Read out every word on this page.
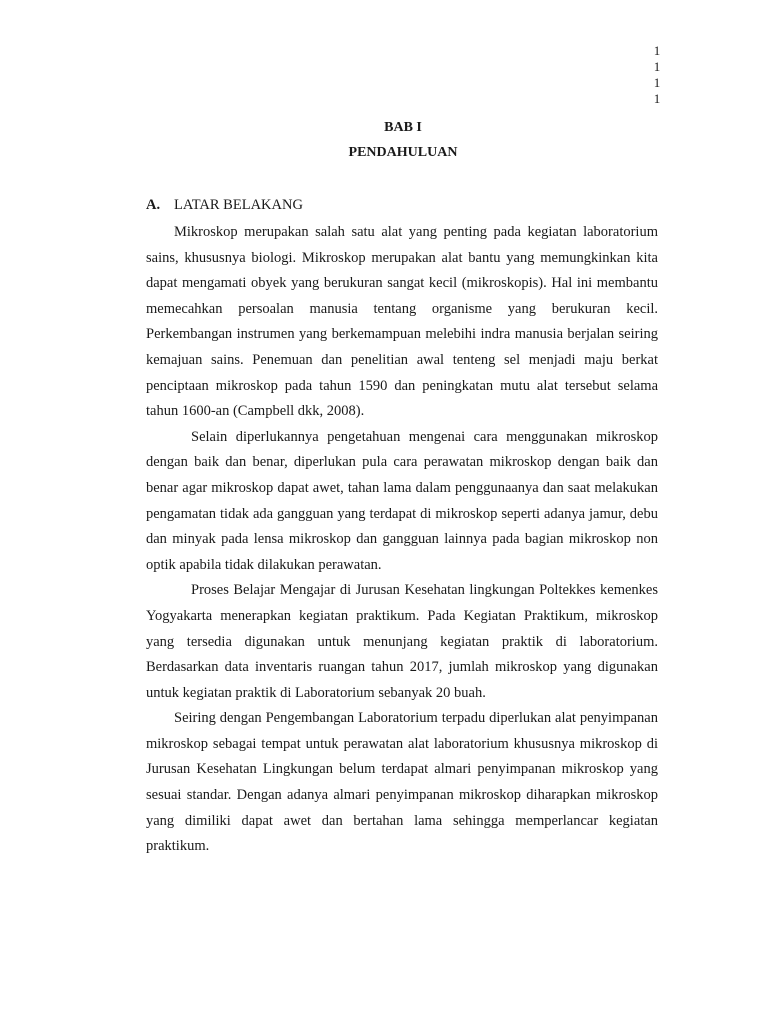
1
1
1
1
BAB I
PENDAHULUAN
A. LATAR BELAKANG

Mikroskop merupakan salah satu alat yang penting pada kegiatan laboratorium sains, khususnya biologi. Mikroskop merupakan alat bantu yang memungkinkan kita dapat mengamati obyek yang berukuran sangat kecil (mikroskopis). Hal ini membantu memecahkan persoalan manusia tentang organisme yang berukuran kecil. Perkembangan instrumen yang berkemampuan melebihi indra manusia berjalan seiring kemajuan sains. Penemuan dan penelitian awal tenteng sel menjadi maju berkat penciptaan mikroskop pada tahun 1590 dan peningkatan mutu alat tersebut selama tahun 1600-an (Campbell dkk, 2008).

Selain diperlukannya pengetahuan mengenai cara menggunakan mikroskop dengan baik dan benar, diperlukan pula cara perawatan mikroskop dengan baik dan benar agar mikroskop dapat awet, tahan lama dalam penggunaanya dan saat melakukan pengamatan tidak ada gangguan yang terdapat di mikroskop seperti adanya jamur, debu dan minyak pada lensa mikroskop dan gangguan lainnya pada bagian mikroskop non optik apabila tidak dilakukan perawatan.

Proses Belajar Mengajar di Jurusan Kesehatan lingkungan Poltekkes kemenkes Yogyakarta menerapkan kegiatan praktikum. Pada Kegiatan Praktikum, mikroskop yang tersedia digunakan untuk menunjang kegiatan praktik di laboratorium. Berdasarkan data inventaris ruangan tahun 2017, jumlah mikroskop yang digunakan untuk kegiatan praktik di Laboratorium sebanyak 20 buah.

Seiring dengan Pengembangan Laboratorium terpadu diperlukan alat penyimpanan mikroskop sebagai tempat untuk perawatan alat laboratorium khususnya mikroskop di Jurusan Kesehatan Lingkungan belum terdapat almari penyimpanan mikroskop yang sesuai standar. Dengan adanya almari penyimpanan mikroskop diharapkan mikroskop yang dimiliki dapat awet dan bertahan lama sehingga memperlancar kegiatan praktikum.
